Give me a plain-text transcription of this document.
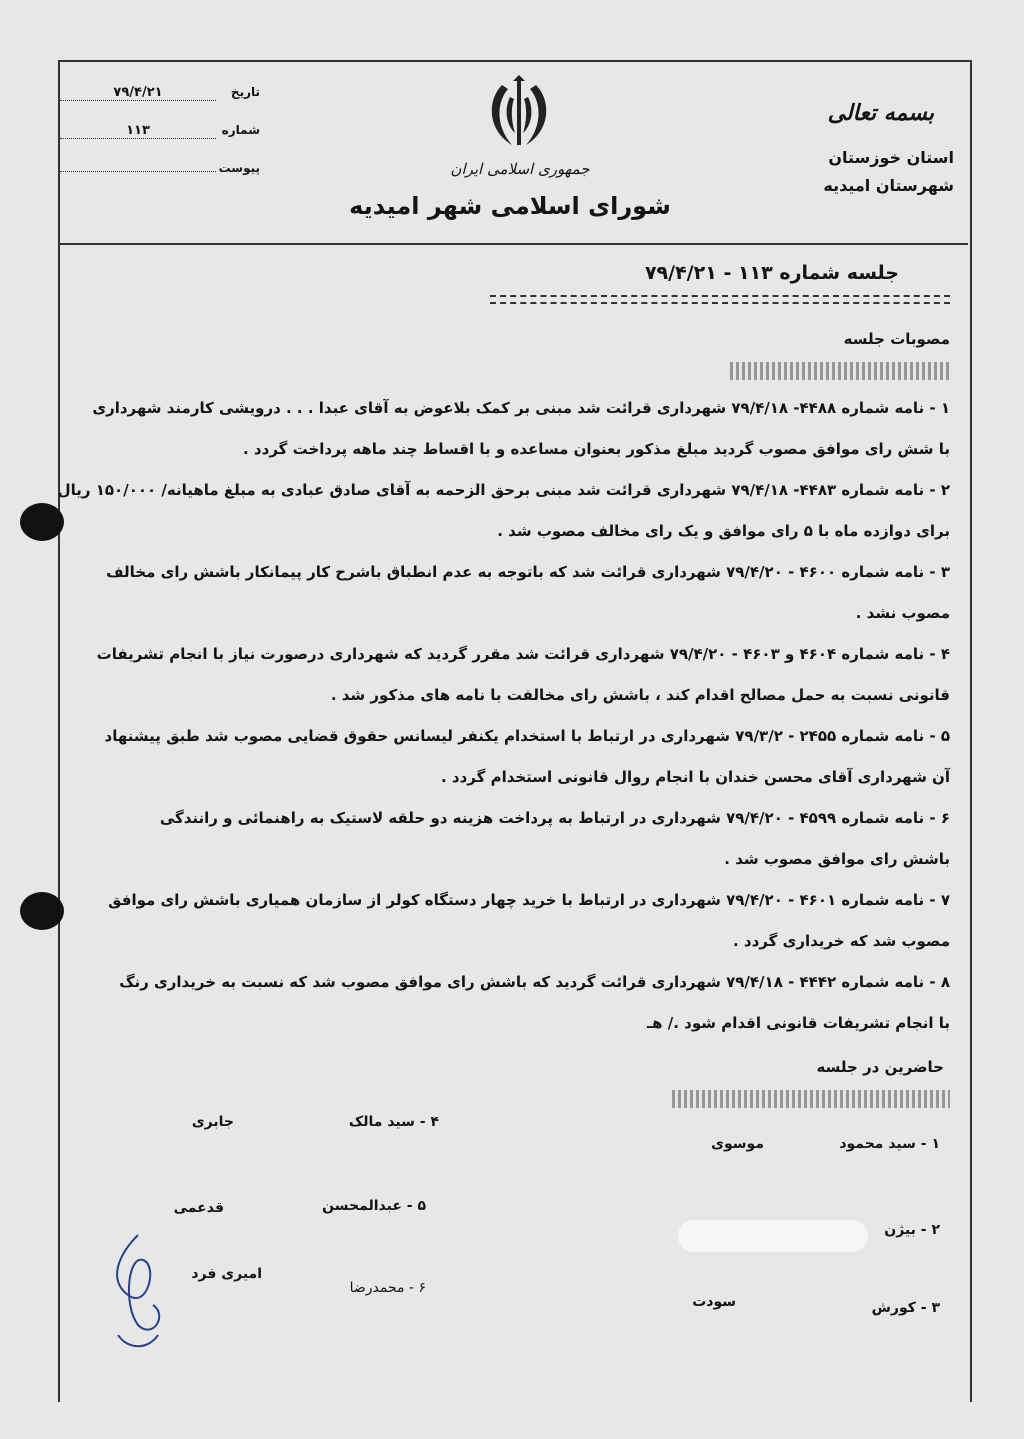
تاریخ
۷۹/۴/۲۱
شماره
۱۱۳
پیوست	جمهوری اسلامی ایران
شورای اسلامی شهر امیدیه
بسمه تعالی
استان خوزستان
شهرستان امیدیه
جلسه شماره ۱۱۳ - ۷۹/۴/۲۱
مصوبات جلسه
۱ - نامه شماره ۴۴۸۸- ۷۹/۴/۱۸ شهرداری قرائت شد مبنی بر کمک بلاعوض به آقای عبدا . . . درویشی کارمند شهرداری
با شش رای موافق مصوب گردید مبلغ مذکور بعنوان مساعده و با اقساط چند ماهه پرداخت گردد .
۲ - نامه شماره ۴۴۸۳- ۷۹/۴/۱۸ شهرداری قرائت شد مبنی برحق الزحمه به آقای صادق عبادی به مبلغ ماهیانه/ ۱۵۰/۰۰۰ ریال
برای دوازده ماه با ۵ رای موافق و یک رای مخالف مصوب شد .
۳ - نامه شماره ۴۶۰۰ - ۷۹/۴/۲۰ شهرداری قرائت شد که باتوجه به عدم انطباق باشرح کار پیمانکار باشش رای مخالف
مصوب نشد .
۴ - نامه شماره ۴۶۰۴ و ۴۶۰۳ - ۷۹/۴/۲۰ شهرداری قرائت شد مقرر گردید که شهرداری درصورت نیاز با انجام تشریفات
قانونی نسبت به حمل مصالح اقدام کند ، باشش رای مخالفت با نامه های مذکور شد .
۵ - نامه شماره ۲۴۵۵ - ۷۹/۳/۲ شهرداری در ارتباط با استخدام یکنفر لیسانس حقوق قضایی مصوب شد طبق پیشنهاد
آن شهرداری آقای محسن خندان با انجام روال قانونی استخدام گردد .
۶ - نامه شماره ۴۵۹۹ - ۷۹/۴/۲۰ شهرداری در ارتباط به پرداخت هزینه دو حلقه لاستیک به راهنمائی و رانندگی
باشش رای موافق مصوب شد .
۷ - نامه شماره ۴۶۰۱ - ۷۹/۴/۲۰ شهرداری در ارتباط با خرید چهار دستگاه کولر از سازمان همیاری باشش رای موافق
مصوب شد که خریداری گردد .
۸ - نامه شماره ۴۴۴۲ - ۷۹/۴/۱۸ شهرداری قرائت گردید که باشش رای موافق مصوب شد که نسبت به خریداری رنگ
با انجام تشریفات قانونی اقدام شود ./ هـ
حاضرین در جلسه
۱ - سید محمود
موسوی
۲ - بیژن
۳ - کورش
سودت
۴ - سید مالک
جابری
۵ - عبدالمحسن
قدعمی
۶ - محمدرضا
امیری فرد
